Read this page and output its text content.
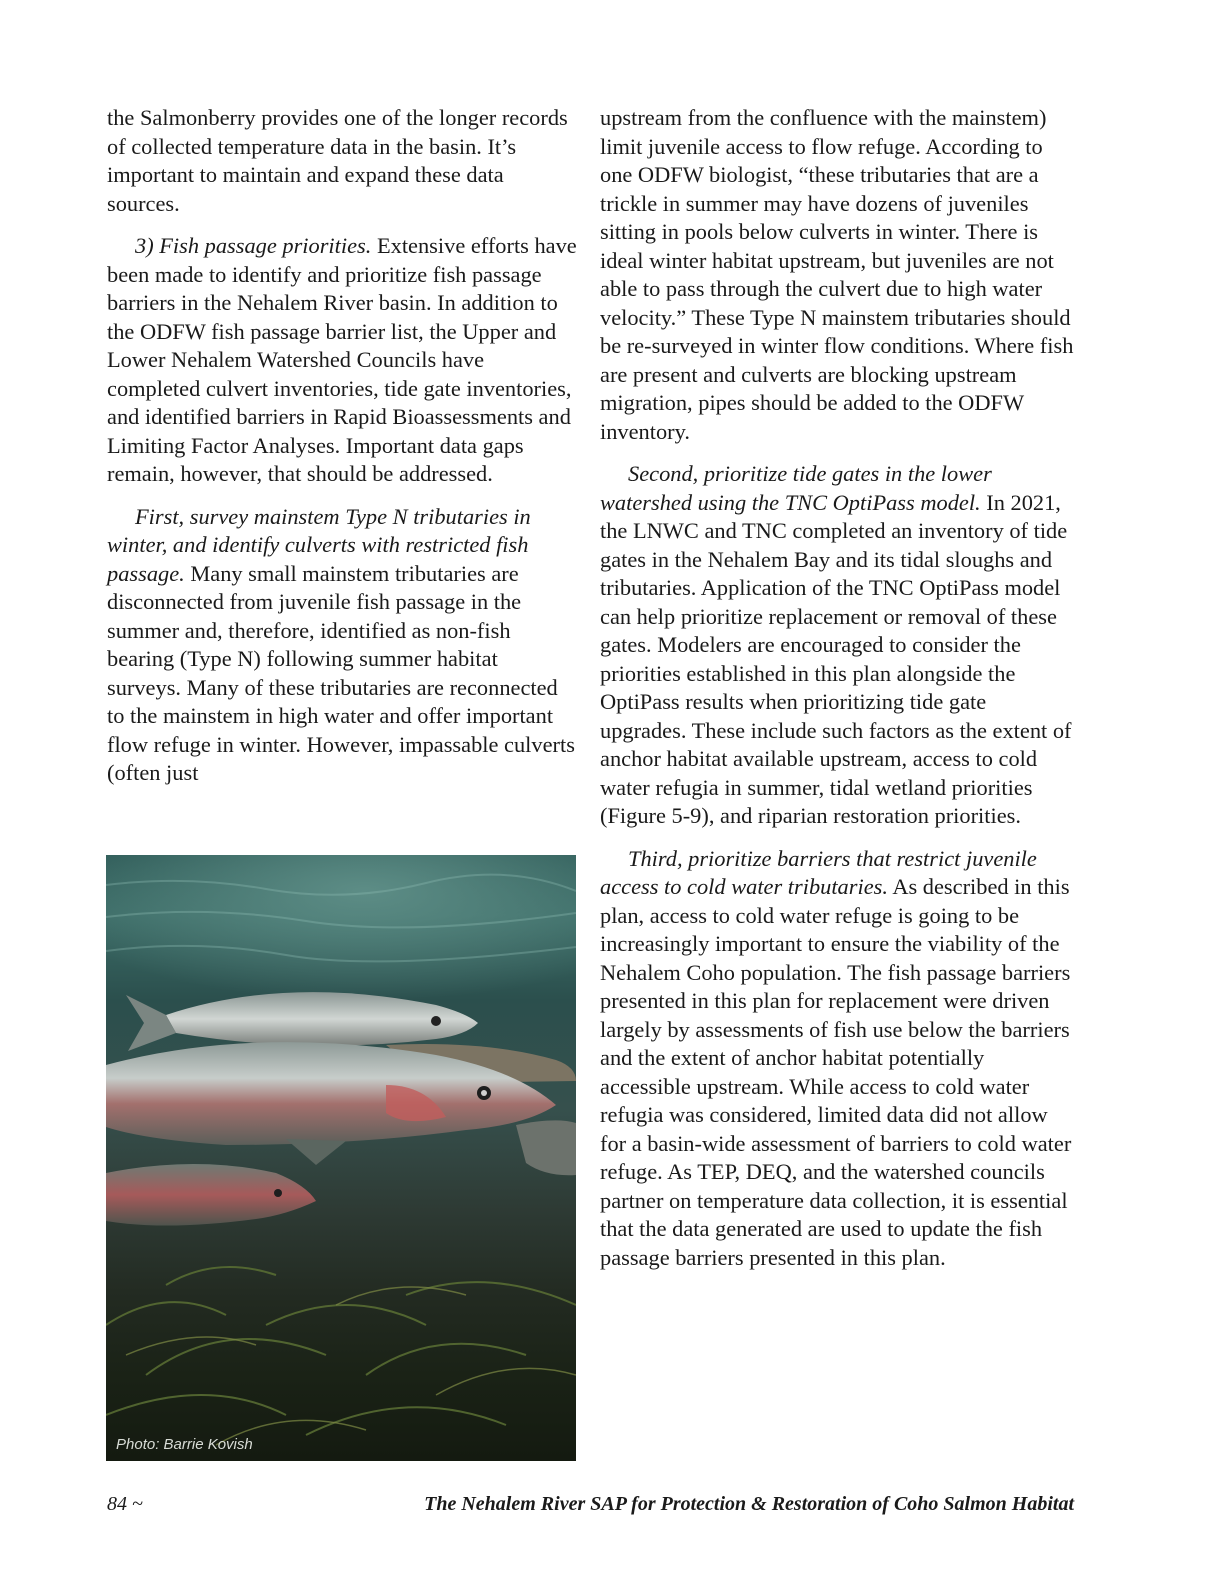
the Salmonberry provides one of the longer records of collected temperature data in the basin. It’s important to maintain and expand these data sources.

3) Fish passage priorities. Extensive efforts have been made to identify and prioritize fish passage barriers in the Nehalem River basin. In addition to the ODFW fish passage barrier list, the Upper and Lower Nehalem Watershed Councils have completed culvert inventories, tide gate inventories, and identified barriers in Rapid Bioassessments and Limiting Factor Analyses. Important data gaps remain, however, that should be addressed.

First, survey mainstem Type N tributaries in winter, and identify culverts with restricted fish passage. Many small mainstem tributaries are disconnected from juvenile fish passage in the summer and, therefore, identified as non-fish bearing (Type N) following summer habitat surveys. Many of these tributaries are reconnected to the mainstem in high water and offer important flow refuge in winter. However, impassable culverts (often just

Photo: Barrie Kovish

upstream from the confluence with the mainstem) limit juvenile access to flow refuge. According to one ODFW biologist, “these tributaries that are a trickle in summer may have dozens of juveniles sitting in pools below culverts in winter. There is ideal winter habitat upstream, but juveniles are not able to pass through the culvert due to high water velocity.” These Type N mainstem tributaries should be re-surveyed in winter flow conditions. Where fish are present and culverts are blocking upstream migration, pipes should be added to the ODFW inventory.

Second, prioritize tide gates in the lower watershed using the TNC OptiPass model. In 2021, the LNWC and TNC completed an inventory of tide gates in the Nehalem Bay and its tidal sloughs and tributaries. Application of the TNC OptiPass model can help prioritize replacement or removal of these gates. Modelers are encouraged to consider the priorities established in this plan alongside the OptiPass results when prioritizing tide gate upgrades. These include such factors as the extent of anchor habitat available upstream, access to cold water refugia in summer, tidal wetland priorities (Figure 5-9), and riparian restoration priorities.

Third, prioritize barriers that restrict juvenile access to cold water tributaries. As described in this plan, access to cold water refuge is going to be increasingly important to ensure the viability of the Nehalem Coho population. The fish passage barriers presented in this plan for replacement were driven largely by assessments of fish use below the barriers and the extent of anchor habitat potentially accessible upstream. While access to cold water refugia was considered, limited data did not allow for a basin-wide assessment of barriers to cold water refuge. As TEP, DEQ, and the watershed councils partner on temperature data collection, it is essential that the data generated are used to update the fish passage barriers presented in this plan.

84 ~	The Nehalem River SAP for Protection & Restoration of Coho Salmon Habitat
